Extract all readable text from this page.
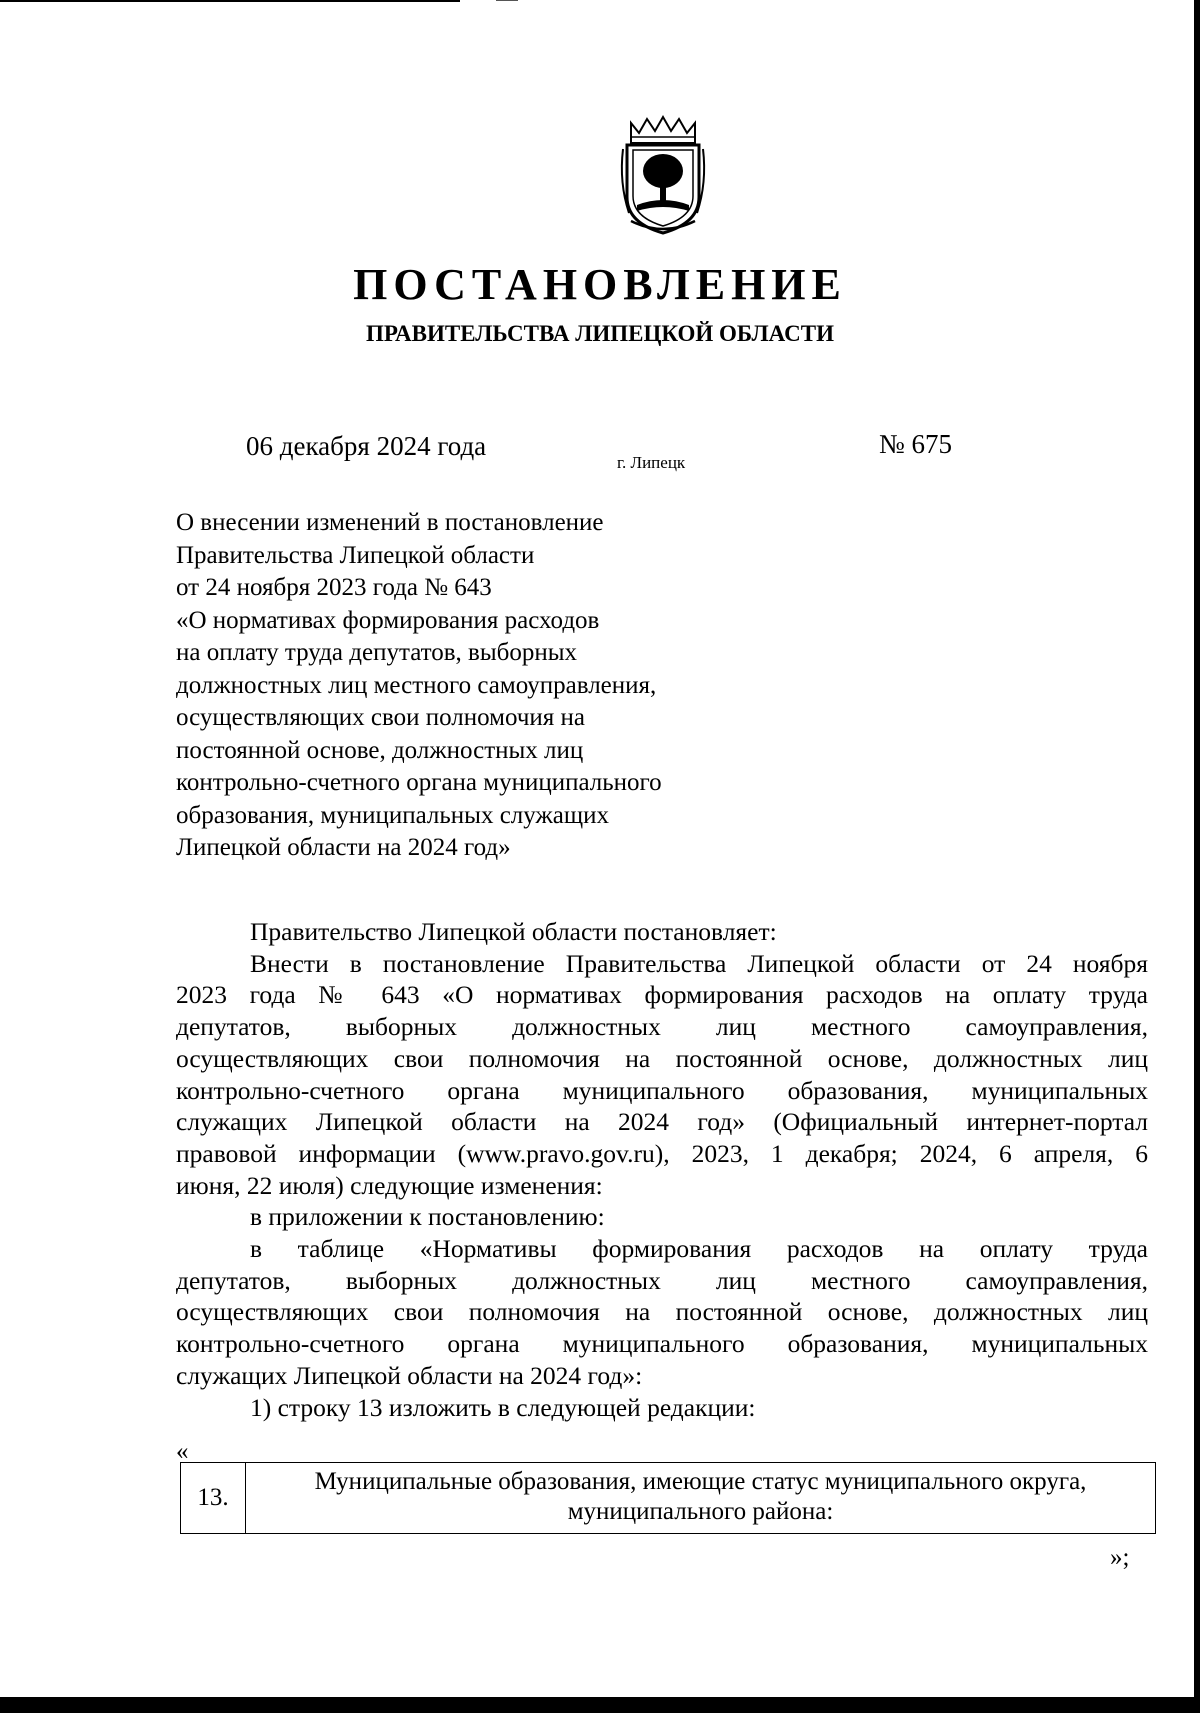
ПОСТАНОВЛЕНИЕ
ПРАВИТЕЛЬСТВА ЛИПЕЦКОЙ ОБЛАСТИ
06 декабря 2024 года
г. Липецк
№ 675
О внесении изменений в постановление
Правительства Липецкой области
от 24 ноября 2023 года № 643
«О нормативах формирования расходов
на оплату труда депутатов, выборных
должностных лиц местного самоуправления,
осуществляющих свои полномочия на
постоянной основе, должностных лиц
контрольно-счетного органа муниципального
образования, муниципальных служащих
Липецкой области на 2024 год»
Правительство Липецкой области постановляет:
Внести в постановление Правительства Липецкой области от 24 ноября
2023 года № 643 «О нормативах формирования расходов на оплату труда
депутатов, выборных должностных лиц местного самоуправления,
осуществляющих свои полномочия на постоянной основе, должностных лиц
контрольно-счетного органа муниципального образования, муниципальных
служащих Липецкой области на 2024 год» (Официальный интернет-портал
правовой информации (www.pravo.gov.ru), 2023, 1 декабря; 2024, 6 апреля, 6
июня, 22 июля) следующие изменения:
в приложении к постановлению:
в таблице «Нормативы формирования расходов на оплату труда
депутатов, выборных должностных лиц местного самоуправления,
осуществляющих свои полномочия на постоянной основе, должностных лиц
контрольно-счетного органа муниципального образования, муниципальных
служащих Липецкой области на 2024 год»:
1) строку 13 изложить в следующей редакции:
«
13.
Муниципальные образования, имеющие статус муниципального округа,
муниципального района:
»;
